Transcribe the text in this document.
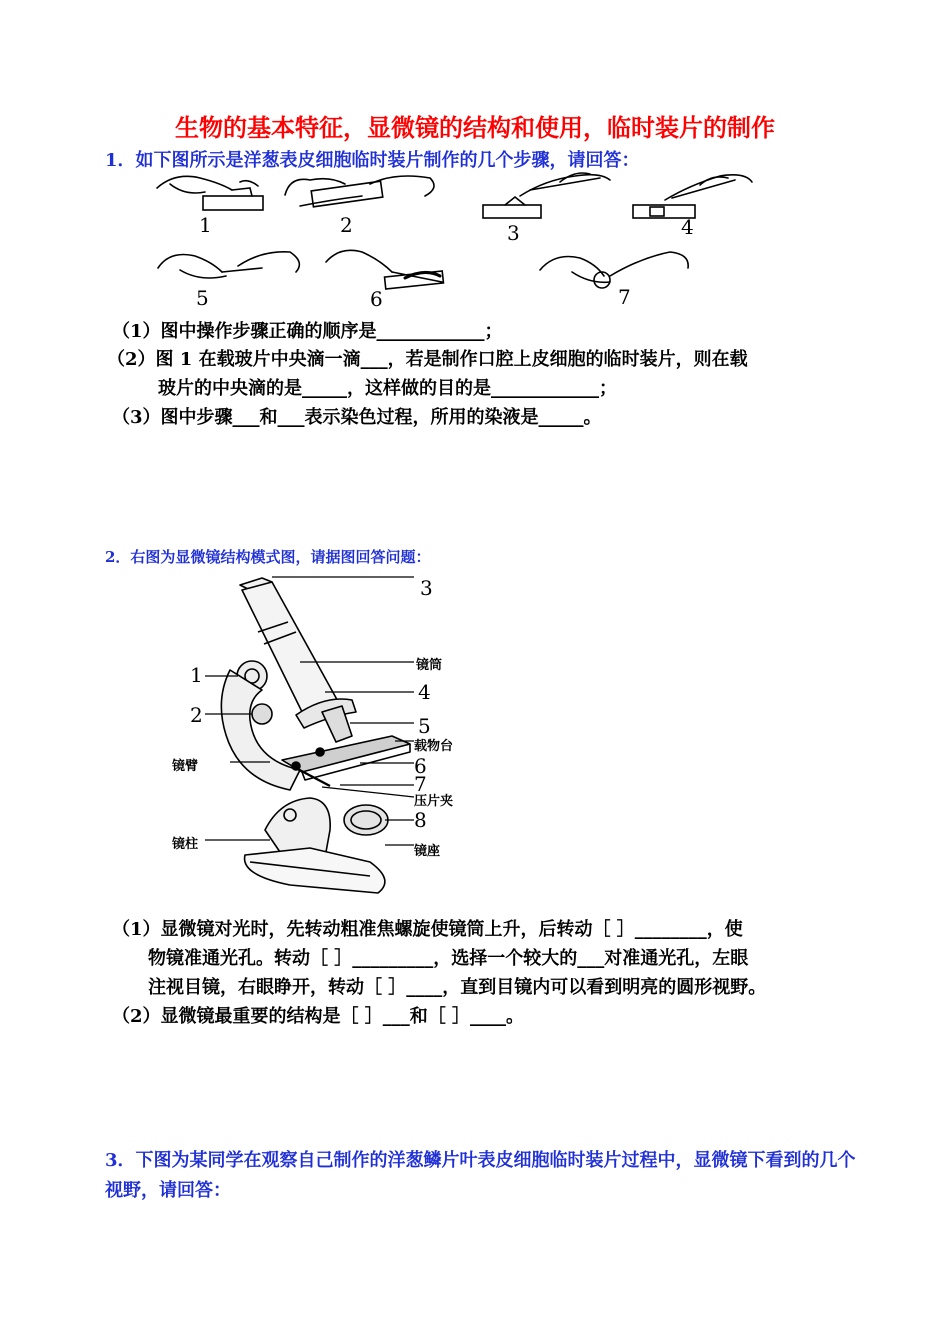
生物的基本特征，显微镜的结构和使用，临时装片的制作
1．如下图所示是洋葱表皮细胞临时装片制作的几个步骤，请回答：
1	2	3	4
5	6	7
（1）图中操作步骤正确的顺序是____________；
（2）图 1 在载玻片中央滴一滴___，若是制作口腔上皮细胞的临时装片，则在载
玻片的中央滴的是_____，这样做的目的是____________；
（3）图中步骤___和___表示染色过程，所用的染液是_____。
2．右图为显微镜结构模式图，请据图回答问题：
3
1
2
镜筒
4
5
载物台
镜臂	6
7
压片夹
8
镜柱	镜座
（1）显微镜对光时，先转动粗准焦螺旋使镜筒上升，后转动［ ］________，使
物镜准通光孔。转动［ ］_________，选择一个较大的___对准通光孔，左眼
注视目镜，右眼睁开，转动［ ］____，直到目镜内可以看到明亮的圆形视野。
（2）显微镜最重要的结构是［ ］___和［ ］____。
3．下图为某同学在观察自己制作的洋葱鳞片叶表皮细胞临时装片过程中，显微镜下看到的几个视野，请回答：
